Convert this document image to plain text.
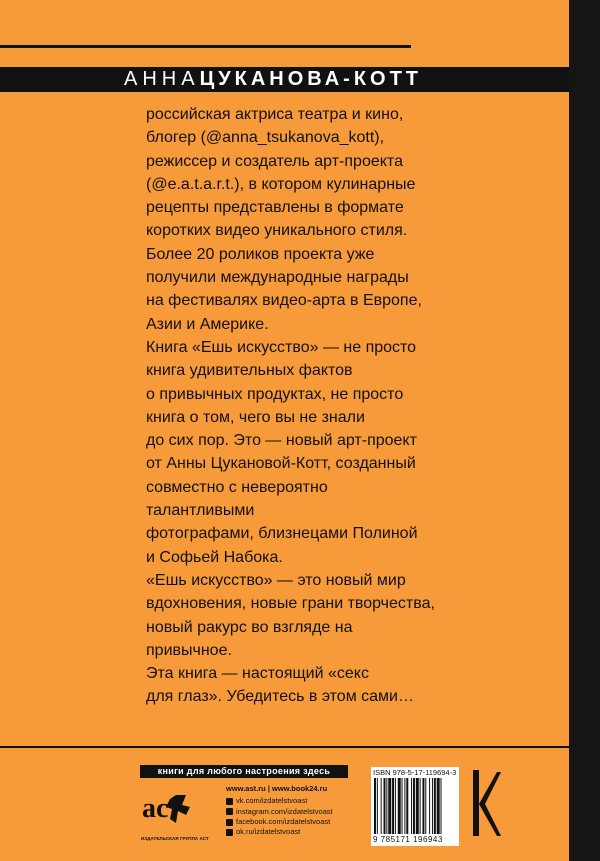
АННА ЦУКАНОВА-КОТТ

российская актриса театра и кино,
блогер (@anna_tsukanova_kott),
режиссер и создатель арт-проекта
(@e.a.t.a.r.t.), в котором кулинарные
рецепты представлены в формате
коротких видео уникального стиля.

Более 20 роликов проекта уже
получили международные награды
на фестивалях видео-арта в Европе,
Азии и Америке.

Книга «Ешь искусство» — не просто
книга удивительных фактов
о привычных продуктах, не просто
книга о том, чего вы не знали
до сих пор. Это — новый арт-проект
от Анны Цукановой-Котт, созданный
совместно с невероятно талантливыми
фотографами, близнецами Полиной
и Софьей Набока.

«Ешь искусство» — это новый мир
вдохновения, новые грани творчества,
новый ракурс во взгляде на привычное.
Эта книга — настоящий «секс
для глаз». Убедитесь в этом сами…

книги для любого настроения здесь
ac
ИЗДАТЕЛЬСКАЯ ГРУППА АСТ
www.ast.ru | www.book24.ru
vk.com/izdatelstvoast
instagram.com/izdatelstvoast
facebook.com/izdatelstvoast
ok.ru/izdatelstvoast
ISBN 978-5-17-119694-3
9 785171 196943
